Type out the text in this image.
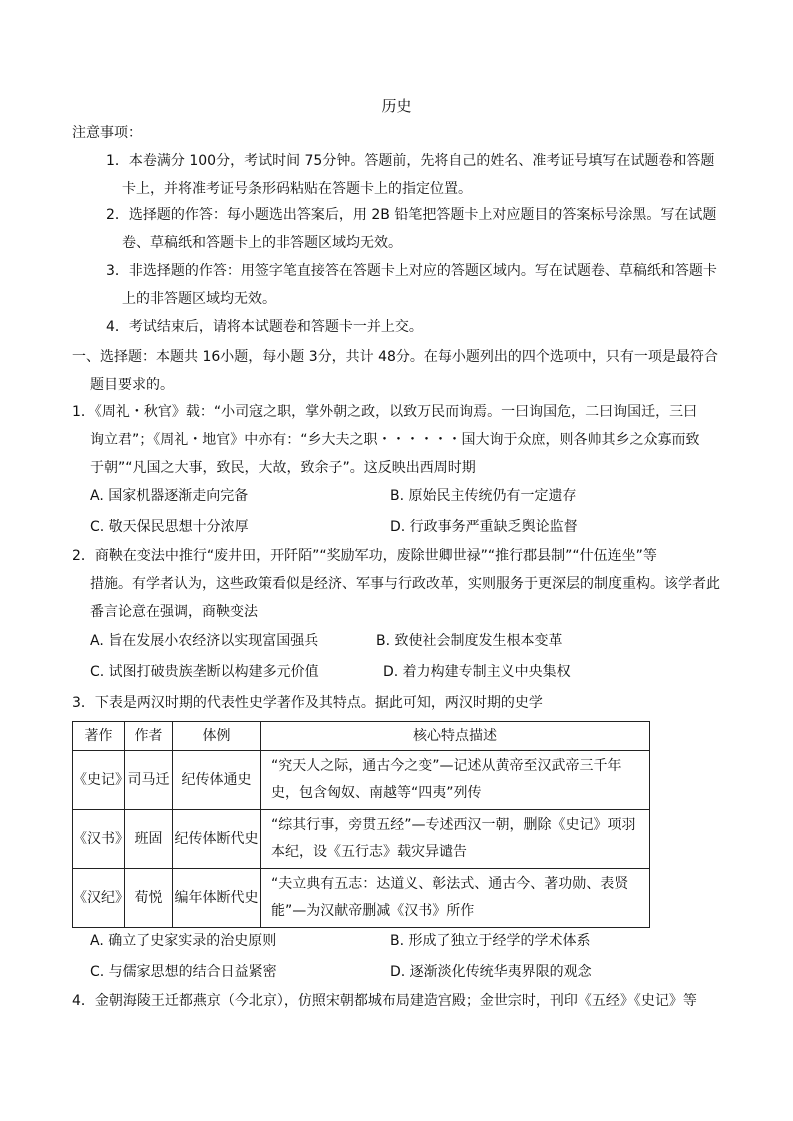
历史
注意事项：
1．本卷满分 100分，考试时间 75分钟。答题前，先将自己的姓名、准考证号填写在试题卷和答题
卡上，并将准考证号条形码粘贴在答题卡上的指定位置。
2．选择题的作答：每小题选出答案后，用 2B 铅笔把答题卡上对应题目的答案标号涂黑。写在试题
卷、草稿纸和答题卡上的非答题区域均无效。
3．非选择题的作答：用签字笔直接答在答题卡上对应的答题区域内。写在试题卷、草稿纸和答题卡
上的非答题区域均无效。
4．考试结束后，请将本试题卷和答题卡一并上交。
一、选择题：本题共 16小题，每小题 3分，共计 48分。在每小题列出的四个选项中，只有一项是最符合
题目要求的。
1．《周礼・秋官》载：“小司寇之职，掌外朝之政，以致万民而询焉。一曰询国危，二曰询国迁，三曰
询立君”；《周礼・地官》中亦有：“乡大夫之职・・・・・・国大询于众庶，则各帅其乡之众寡而致
于朝”“凡国之大事，致民，大故，致余子”。这反映出西周时期
A. 国家机器逐渐走向完备	B. 原始民主传统仍有一定遗存
C. 敬天保民思想十分浓厚	D. 行政事务严重缺乏舆论监督
2．商鞅在变法中推行“废井田，开阡陌”“奖励军功，废除世卿世禄”“推行郡县制”“什伍连坐”等
措施。有学者认为，这些政策看似是经济、军事与行政改革，实则服务于更深层的制度重构。该学者此
番言论意在强调，商鞅变法
A. 旨在发展小农经济以实现富国强兵	B. 致使社会制度发生根本变革
C. 试图打破贵族垄断以构建多元价值	D. 着力构建专制主义中央集权
3．下表是两汉时期的代表性史学著作及其特点。据此可知，两汉时期的史学
著作	作者	体例	核心特点描述
《史记》	司马迁	纪传体通史	“究天人之际，通古今之变”—记述从黄帝至汉武帝三千年史，包含匈奴、南越等“四夷”列传
《汉书》	班固	纪传体断代史	“综其行事，旁贯五经”—专述西汉一朝，删除《史记》项羽本纪，设《五行志》载灾异谴告
《汉纪》	荀悦	编年体断代史	“夫立典有五志：达道义、彰法式、通古今、著功勋、表贤能”—为汉献帝删减《汉书》所作
A. 确立了史家实录的治史原则	B. 形成了独立于经学的学术体系
C. 与儒家思想的结合日益紧密	D. 逐渐淡化传统华夷界限的观念
4．金朝海陵王迁都燕京（今北京），仿照宋朝都城布局建造宫殿；金世宗时，刊印《五经》《史记》等
